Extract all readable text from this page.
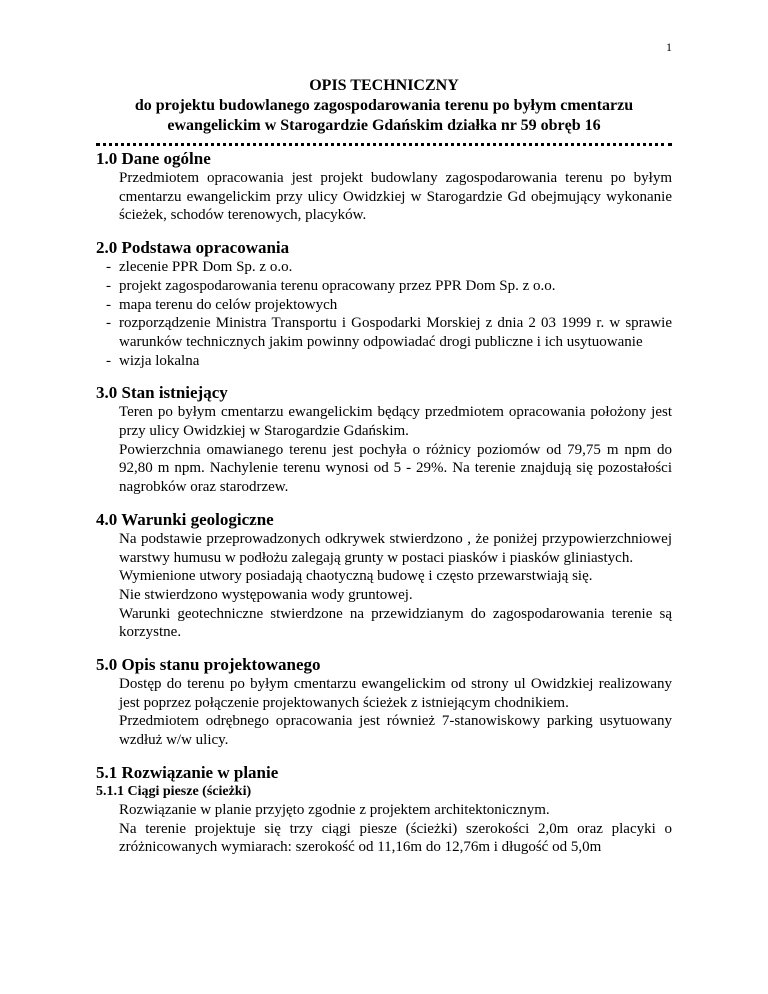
1
OPIS TECHNICZNY
do projektu budowlanego zagospodarowania terenu po byłym cmentarzu
ewangelickim w Starogardzie Gdańskim działka nr 59 obręb 16
1.0 Dane ogólne

Przedmiotem opracowania jest projekt budowlany zagospodarowania terenu po byłym cmentarzu ewangelickim przy ulicy Owidzkiej w Starogardzie Gd obejmujący wykonanie ścieżek, schodów terenowych, placyków.

2.0 Podstawa opracowania
- zlecenie PPR Dom Sp. z o.o.
- projekt zagospodarowania terenu opracowany przez PPR Dom Sp. z o.o.
- mapa terenu do celów projektowych
- rozporządzenie Ministra Transportu i Gospodarki Morskiej z dnia 2 03 1999 r. w sprawie warunków technicznych jakim powinny odpowiadać drogi publiczne i ich usytuowanie
- wizja lokalna
3.0 Stan istniejący

Teren po byłym cmentarzu ewangelickim będący przedmiotem opracowania położony jest przy ulicy Owidzkiej w Starogardzie Gdańskim.

Powierzchnia omawianego terenu jest pochyła o różnicy poziomów od 79,75 m npm do 92,80 m npm. Nachylenie terenu wynosi od 5 - 29%. Na terenie znajdują się pozostałości nagrobków oraz starodrzew.

4.0 Warunki geologiczne

Na podstawie przeprowadzonych odkrywek stwierdzono , że poniżej przypowierzchniowej warstwy humusu w podłożu zalegają grunty w postaci piasków i piasków gliniastych.

Wymienione utwory posiadają chaotyczną budowę i często przewarstwiają się.

Nie stwierdzono występowania wody gruntowej.

Warunki geotechniczne stwierdzone na przewidzianym do zagospodarowania terenie są korzystne.

5.0 Opis stanu projektowanego

Dostęp do terenu po byłym cmentarzu ewangelickim od strony ul Owidzkiej realizowany jest poprzez połączenie projektowanych ścieżek z istniejącym chodnikiem.

Przedmiotem odrębnego opracowania jest również 7-stanowiskowy parking usytuowany wzdłuż w/w ulicy.

5.1 Rozwiązanie w planie
5.1.1 Ciągi piesze (ścieżki)

Rozwiązanie w planie przyjęto zgodnie z projektem architektonicznym.

Na terenie projektuje się trzy ciągi piesze (ścieżki) szerokości 2,0m oraz placyki o zróżnicowanych wymiarach: szerokość od 11,16m do 12,76m i długość od 5,0m
